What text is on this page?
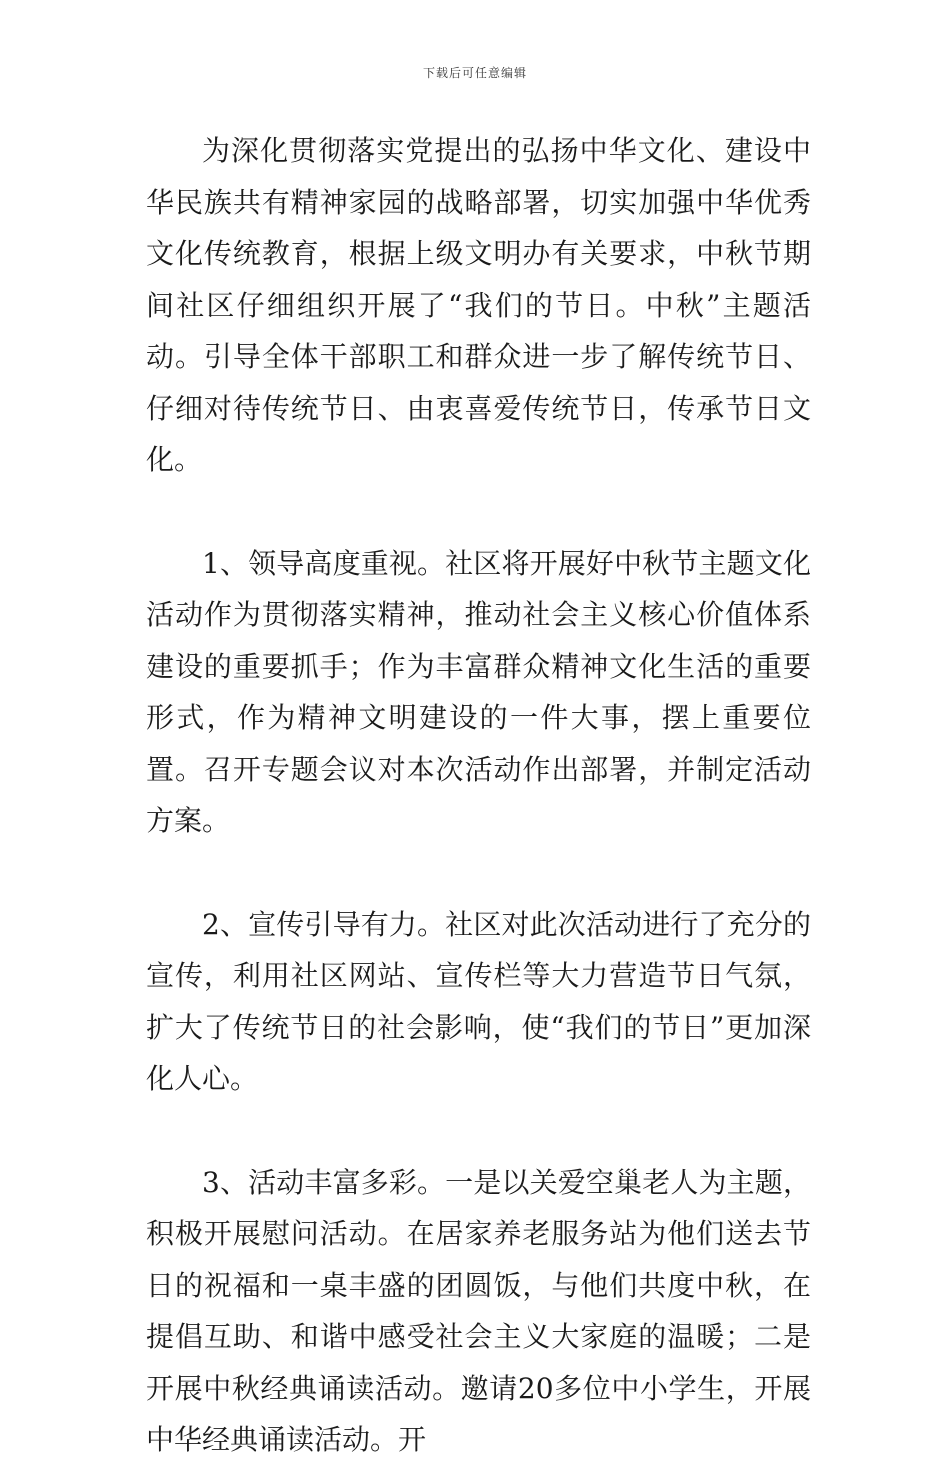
下载后可任意编辑

为深化贯彻落实党提出的弘扬中华文化、建设中华民族共有精神家园的战略部署，切实加强中华优秀文化传统教育，根据上级文明办有关要求，中秋节期间社区仔细组织开展了“我们的节日。中秋”主题活动。引导全体干部职工和群众进一步了解传统节日、仔细对待传统节日、由衷喜爱传统节日，传承节日文化。

1、领导高度重视。社区将开展好中秋节主题文化活动作为贯彻落实精神，推动社会主义核心价值体系建设的重要抓手；作为丰富群众精神文化生活的重要形式，作为精神文明建设的一件大事，摆上重要位置。召开专题会议对本次活动作出部署，并制定活动方案。

2、宣传引导有力。社区对此次活动进行了充分的宣传，利用社区网站、宣传栏等大力营造节日气氛，扩大了传统节日的社会影响，使“我们的节日”更加深化人心。

3、活动丰富多彩。一是以关爱空巢老人为主题，积极开展慰问活动。在居家养老服务站为他们送去节日的祝福和一桌丰盛的团圆饭，与他们共度中秋，在提倡互助、和谐中感受社会主义大家庭的温暖；二是开展中秋经典诵读活动。邀请20多位中小学生，开展中华经典诵读活动。开
